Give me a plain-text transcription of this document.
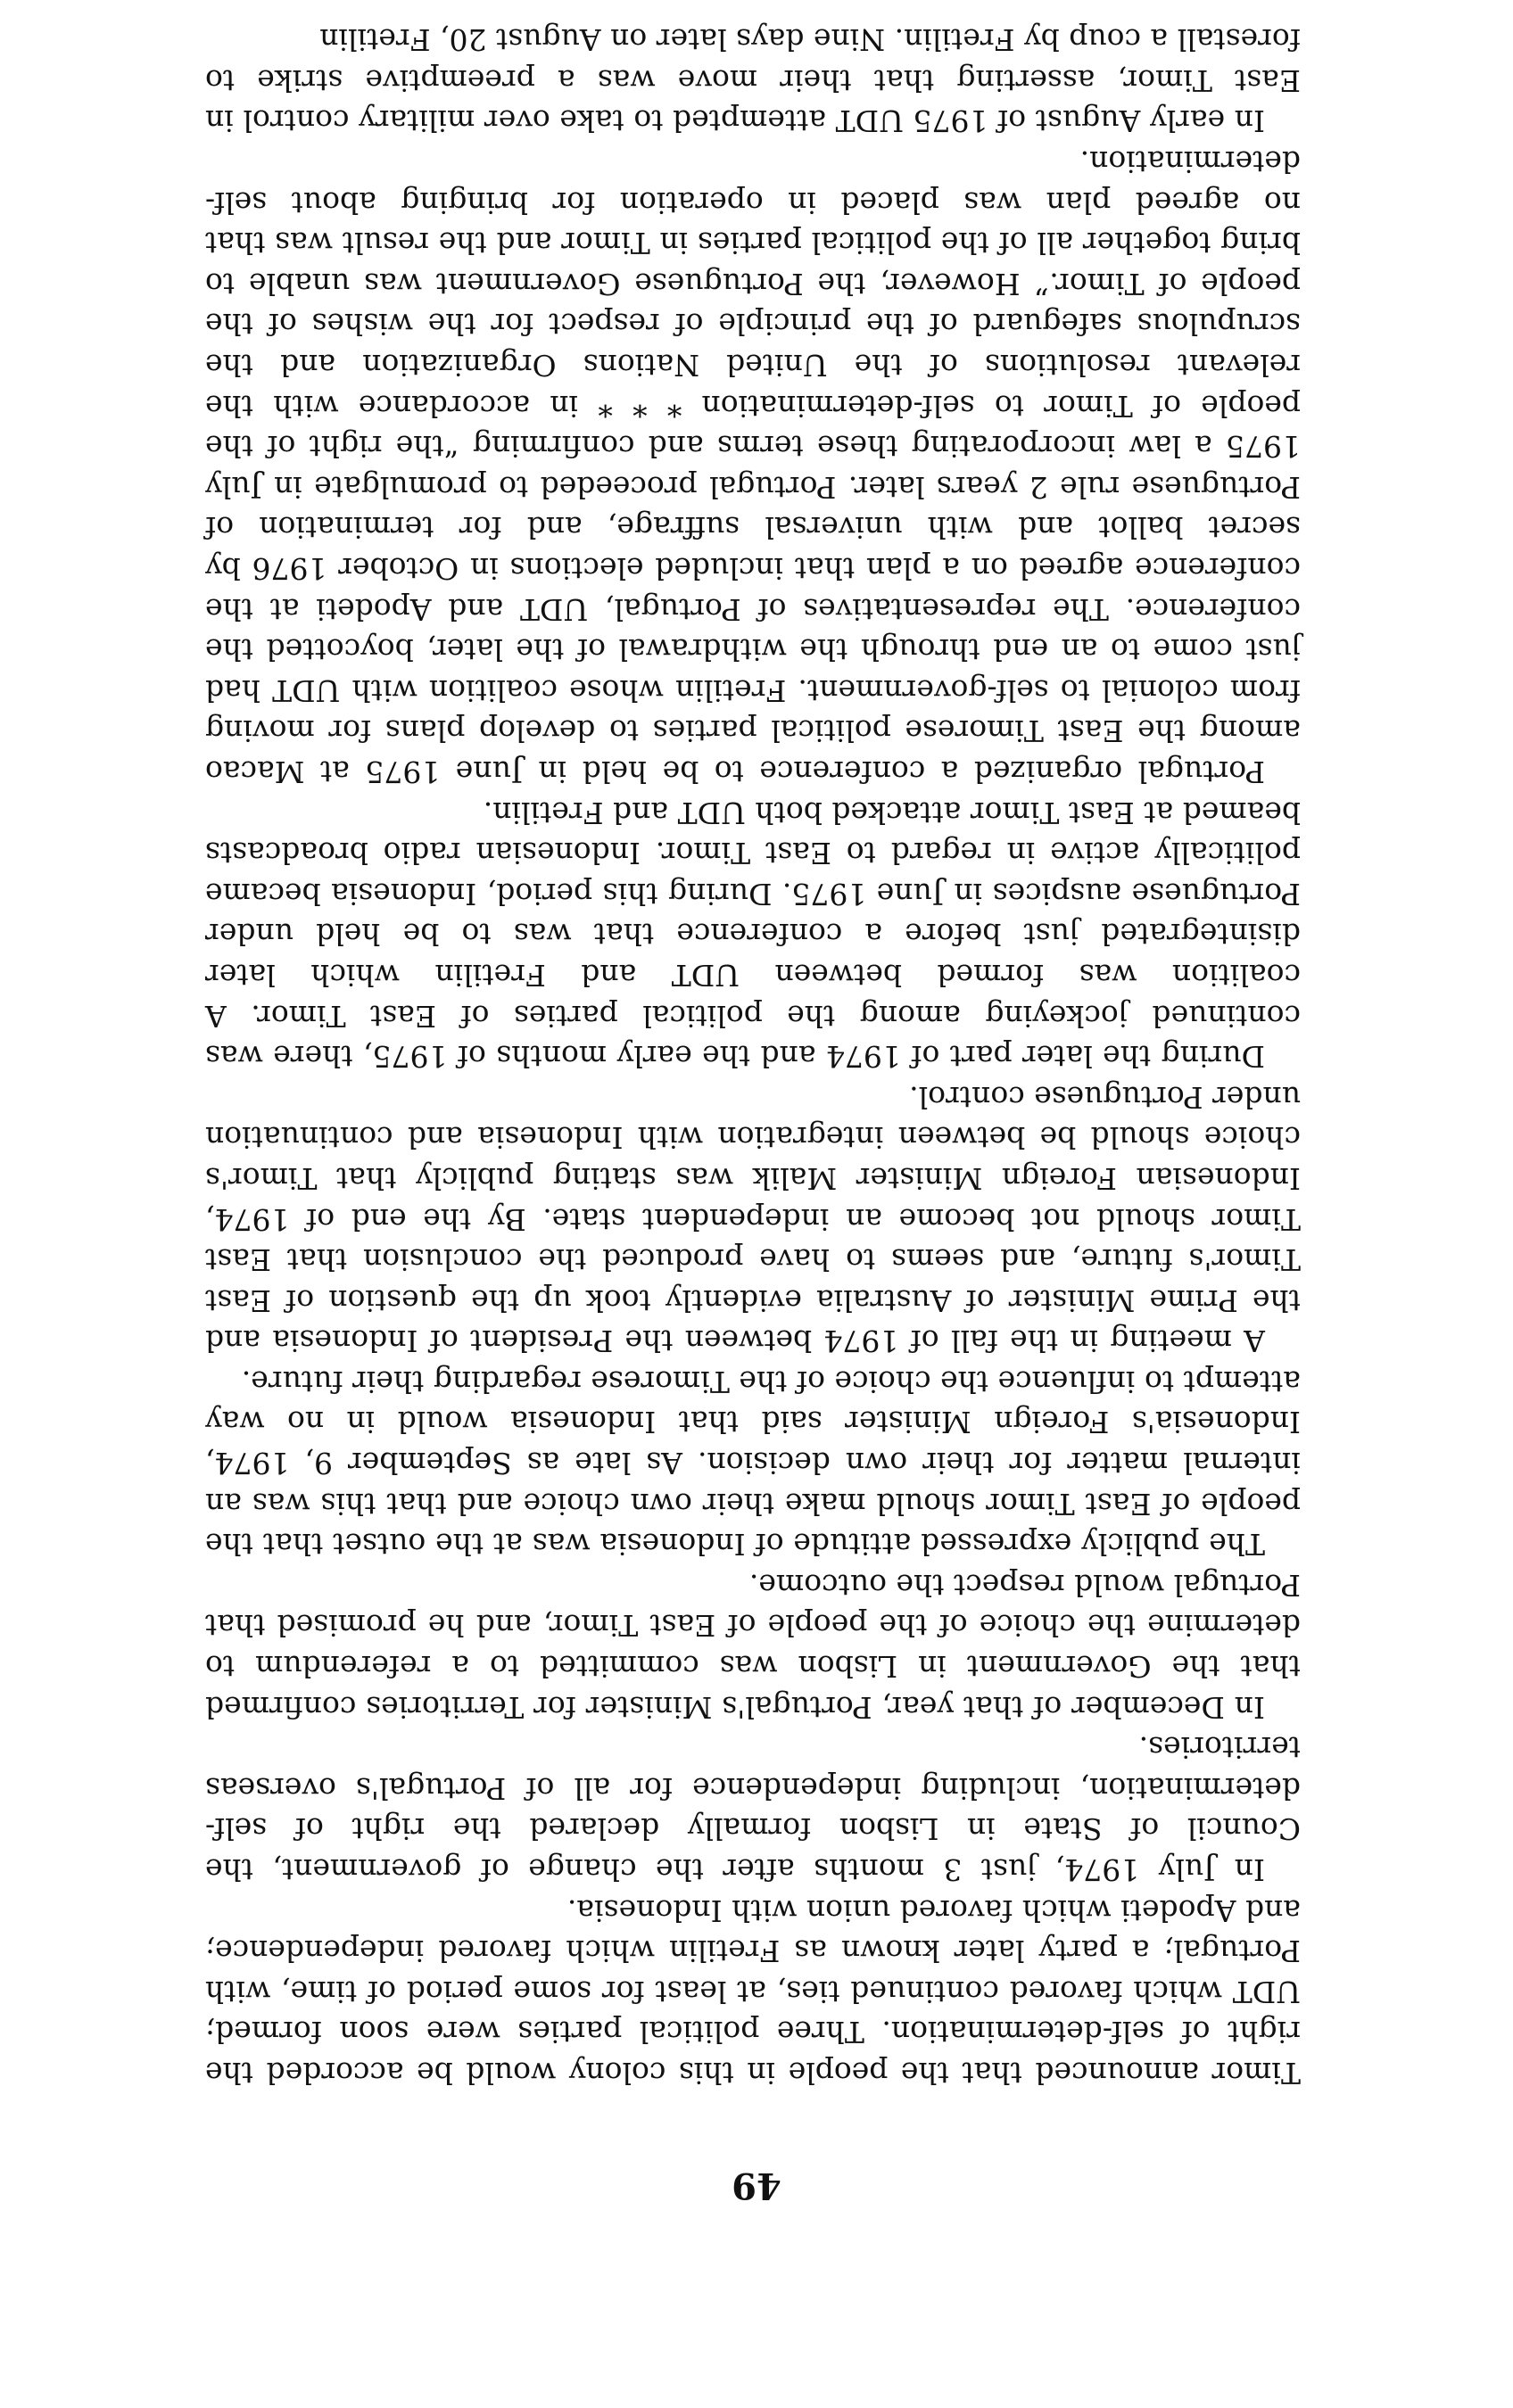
49

Timor announced that the people in this colony would be accorded the right of self-determination. Three political parties were soon formed; UDT which favored continued ties, at least for some period of time, with Portugal; a party later known as Fretilin which favored independence; and Apodeti which favored union with Indonesia.

In July 1974, just 3 months after the change of government, the Council of State in Lisbon formally declared the right of self-determination, including independence for all of Portugal's overseas territories.

In December of that year, Portugal's Minister for Territories confirmed that the Government in Lisbon was committed to a referendum to determine the choice of the people of East Timor, and he promised that Portugal would respect the outcome.

The publicly expressed attitude of Indonesia was at the outset that the people of East Timor should make their own choice and that this was an internal matter for their own decision. As late as September 9, 1974, Indonesia's Foreign Minister said that Indonesia would in no way attempt to influence the choice of the Timorese regarding their future.

A meeting in the fall of 1974 between the President of Indonesia and the Prime Minister of Australia evidently took up the question of East Timor's future, and seems to have produced the conclusion that East Timor should not become an independent state. By the end of 1974, Indonesian Foreign Minister Malik was stating publicly that Timor's choice should be between integration with Indonesia and continuation under Portuguese control.

During the later part of 1974 and the early months of 1975, there was continued jockeying among the political parties of East Timor. A coalition was formed between UDT and Fretilin which later disintegrated just before a conference that was to be held under Portuguese auspices in June 1975. During this period, Indonesia became politically active in regard to East Timor. Indonesian radio broadcasts beamed at East Timor attacked both UDT and Fretilin.

Portugal organized a conference to be held in June 1975 at Macao among the East Timorese political parties to develop plans for moving from colonial to self-government. Fretilin whose coalition with UDT had just come to an end through the withdrawal of the later, boycotted the conference. The representatives of Portugal, UDT and Apodeti at the conference agreed on a plan that included elections in October 1976 by secret ballot and with universal suffrage, and for termination of Portuguese rule 2 years later. Portugal proceeded to promulgate in July 1975 a law incorporating these terms and confirming “the right of the people of Timor to self-determination * * * in accordance with the relevant resolutions of the United Nations Organization and the scrupulous safeguard of the principle of respect for the wishes of the people of Timor.” However, the Portuguese Government was unable to bring together all of the political parties in Timor and the result was that no agreed plan was placed in operation for bringing about self-determination.

In early August of 1975 UDT attempted to take over military control in East Timor, asserting that their move was a preemptive strike to forestall a coup by Fretilin. Nine days later on August 20, Fretilin
